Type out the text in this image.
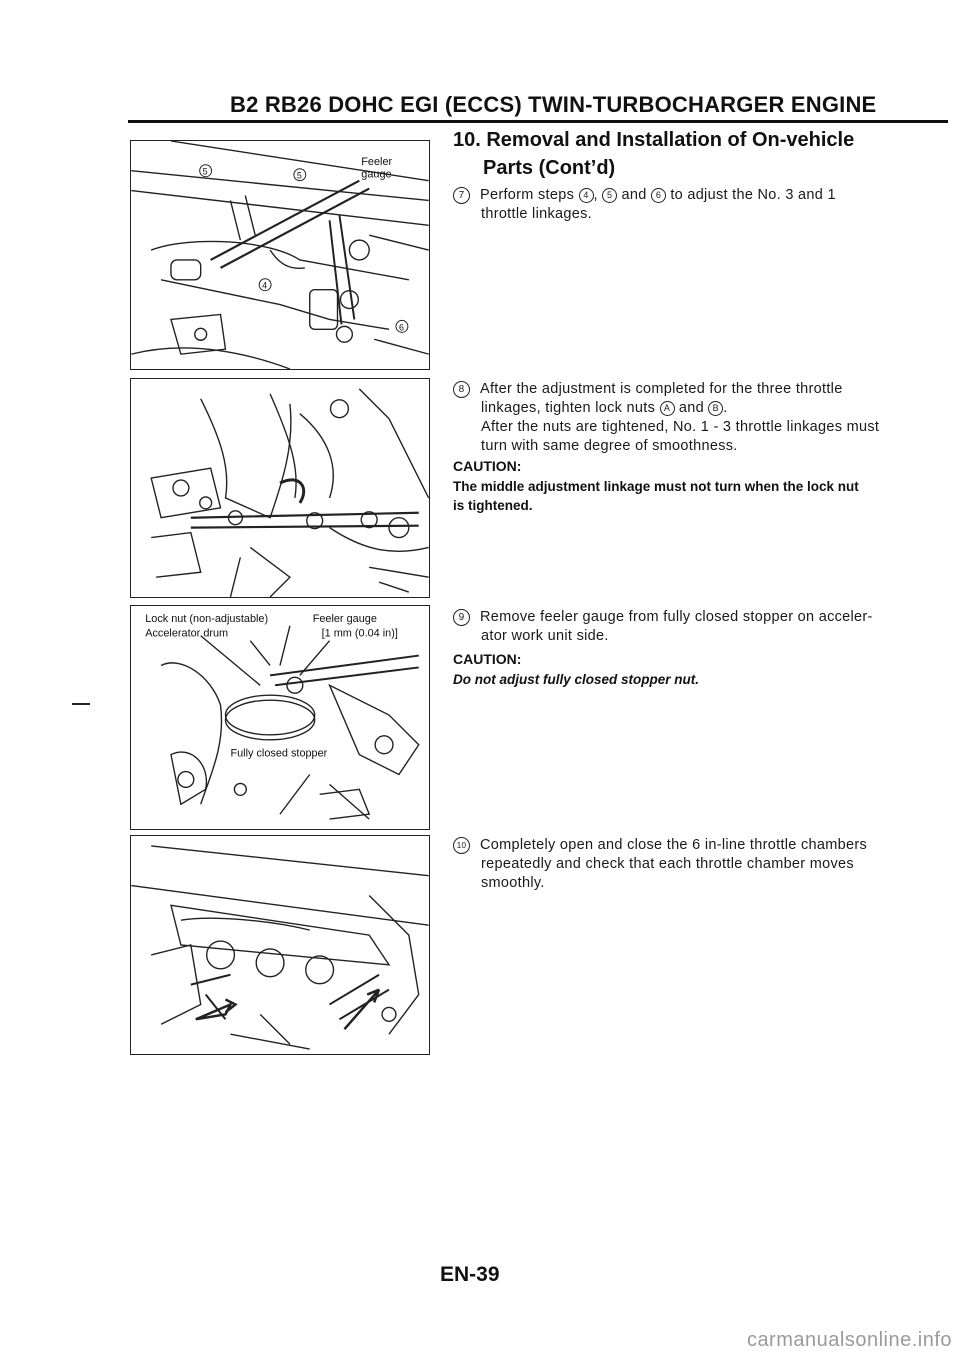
B2 RB26 DOHC EGI (ECCS) TWIN-TURBOCHARGER ENGINE
10. Removal and Installation of On-vehicle
Parts (Cont’d)
Feeler
gauge
5	5
4
6
Lock nut (non-adjustable)	Feeler gauge
Accelerator drum	[1 mm (0.04 in)]
Fully closed stopper
7 Perform steps 4 , 5 and 6 to adjust the No. 3 and 1
throttle linkages.
8 After the adjustment is completed for the three throttle
linkages, tighten lock nuts A and B .
After the nuts are tightened, No. 1 - 3 throttle linkages must
turn with same degree of smoothness.
CAUTION:
The middle adjustment linkage must not turn when the lock nut
is tightened.
9 Remove feeler gauge from fully closed stopper on acceler-
ator work unit side.
CAUTION:
Do not adjust fully closed stopper nut.
10 Completely open and close the 6 in-line throttle chambers
repeatedly and check that each throttle chamber moves
smoothly.
EN-39
carmanualsonline.info
